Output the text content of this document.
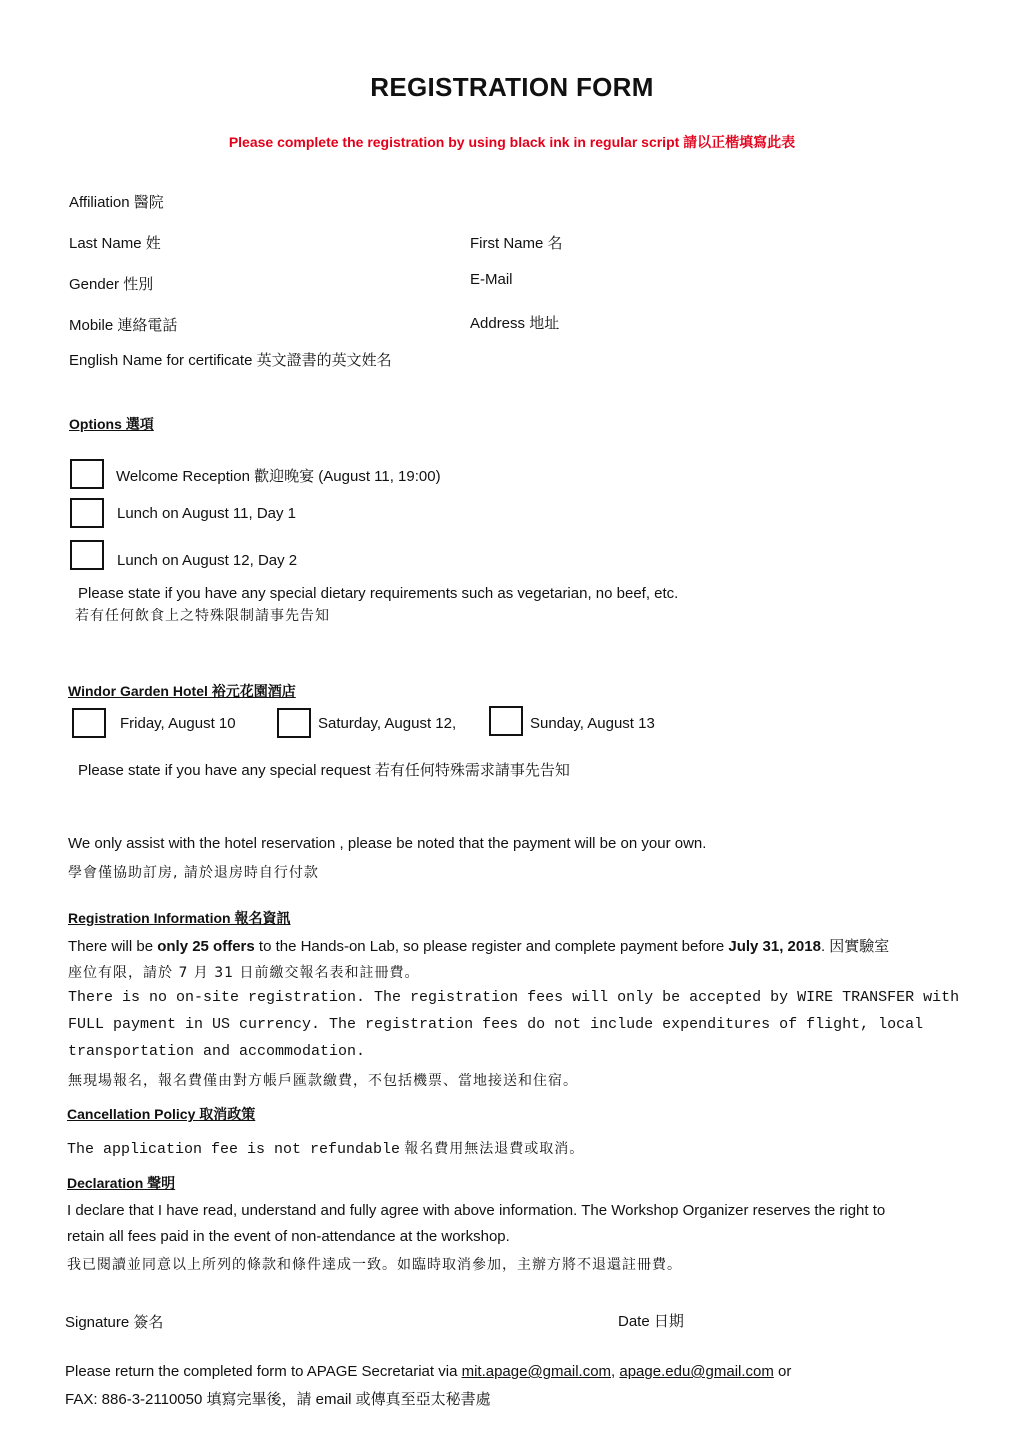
REGISTRATION FORM
Please complete the registration by using black ink in regular script 請以正楷填寫此表
Affiliation 醫院
Last Name 姓	First Name 名
Gender 性別	E-Mail
Mobile 連絡電話	Address 地址
English Name for certificate 英文證書的英文姓名
Options 選項
Welcome Reception 歡迎晚宴 (August 11, 19:00)
Lunch on August 11, Day 1
Lunch on August 12, Day 2
Please state if you have any special dietary requirements such as vegetarian, no beef, etc.
若有任何飲食上之特殊限制請事先告知
Windor Garden Hotel 裕元花園酒店
Friday, August 10	Saturday, August 12,	Sunday, August 13
Please state if you have any special request 若有任何特殊需求請事先告知
We only assist with the hotel reservation , please be noted that the payment will be on your own.
學會僅協助訂房, 請於退房時自行付款
Registration Information 報名資訊
There will be only 25 offers to the Hands-on Lab, so please register and complete payment before July 31, 2018. 因實驗室
座位有限，請於 7 月 31 日前繳交報名表和註冊費。
There is no on-site registration. The registration fees will only be accepted by WIRE TRANSFER with
FULL payment in US currency. The registration fees do not include expenditures of flight, local
transportation and accommodation.
無現場報名，報名費僅由對方帳戶匯款繳費，不包括機票、當地接送和住宿。
Cancellation Policy 取消政策
The application fee is not refundable 報名費用無法退費或取消。
Declaration 聲明
I declare that I have read, understand and fully agree with above information. The Workshop Organizer reserves the right to
retain all fees paid in the event of non-attendance at the workshop.
我已閱讀並同意以上所列的條款和條件達成一致。如臨時取消參加，主辦方將不退還註冊費。
Signature 簽名	Date 日期
Please return the completed form to APAGE Secretariat via mit.apage@gmail.com, apage.edu@gmail.com or
FAX: 886-3-2110050 填寫完畢後，請 email 或傳真至亞太秘書處
